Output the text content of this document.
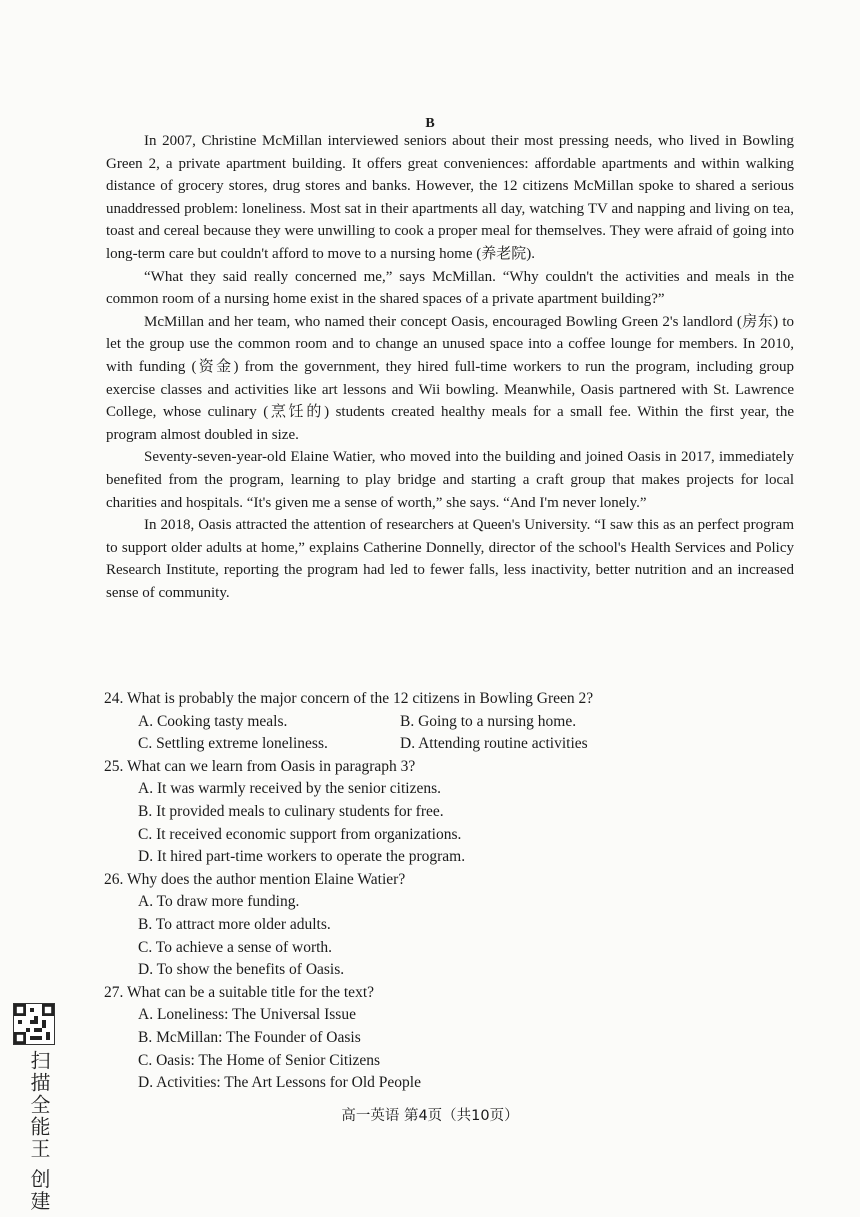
B

In 2007, Christine McMillan interviewed seniors about their most pressing needs, who lived in Bowling Green 2, a private apartment building. It offers great conveniences: affordable apartments and within walking distance of grocery stores, drug stores and banks. However, the 12 citizens McMillan spoke to shared a serious unaddressed problem: loneliness. Most sat in their apartments all day, watching TV and napping and living on tea, toast and cereal because they were unwilling to cook a proper meal for themselves. They were afraid of going into long-term care but couldn't afford to move to a nursing home (养老院).

“What they said really concerned me,” says McMillan. “Why couldn't the activities and meals in the common room of a nursing home exist in the shared spaces of a private apartment building?”

McMillan and her team, who named their concept Oasis, encouraged Bowling Green 2's landlord (房东) to let the group use the common room and to change an unused space into a coffee lounge for members. In 2010, with funding (资金) from the government, they hired full-time workers to run the program, including group exercise classes and activities like art lessons and Wii bowling. Meanwhile, Oasis partnered with St. Lawrence College, whose culinary (烹饪的) students created healthy meals for a small fee. Within the first year, the program almost doubled in size.

Seventy-seven-year-old Elaine Watier, who moved into the building and joined Oasis in 2017, immediately benefited from the program, learning to play bridge and starting a craft group that makes projects for local charities and hospitals. “It's given me a sense of worth,” she says. “And I'm never lonely.”

In 2018, Oasis attracted the attention of researchers at Queen's University. “I saw this as an perfect program to support older adults at home,” explains Catherine Donnelly, director of the school's Health Services and Policy Research Institute, reporting the program had led to fewer falls, less inactivity, better nutrition and an increased sense of community.

24. What is probably the major concern of the 12 citizens in Bowling Green 2?

A. Cooking tasty meals.	B. Going to a nursing home.
C. Settling extreme loneliness.	D. Attending routine activities

25. What can we learn from Oasis in paragraph 3?

A. It was warmly received by the senior citizens.
B. It provided meals to culinary students for free.
C. It received economic support from organizations.
D. It hired part-time workers to operate the program.

26. Why does the author mention Elaine Watier?

A. To draw more funding.
B. To attract more older adults.
C. To achieve a sense of worth.
D. To show the benefits of Oasis.

27. What can be a suitable title for the text?

A. Loneliness: The Universal Issue
B. McMillan: The Founder of Oasis
C. Oasis: The Home of Senior Citizens
D. Activities: The Art Lessons for Old People
高一英语 第4页（共10页）
扫描全能王 创建
